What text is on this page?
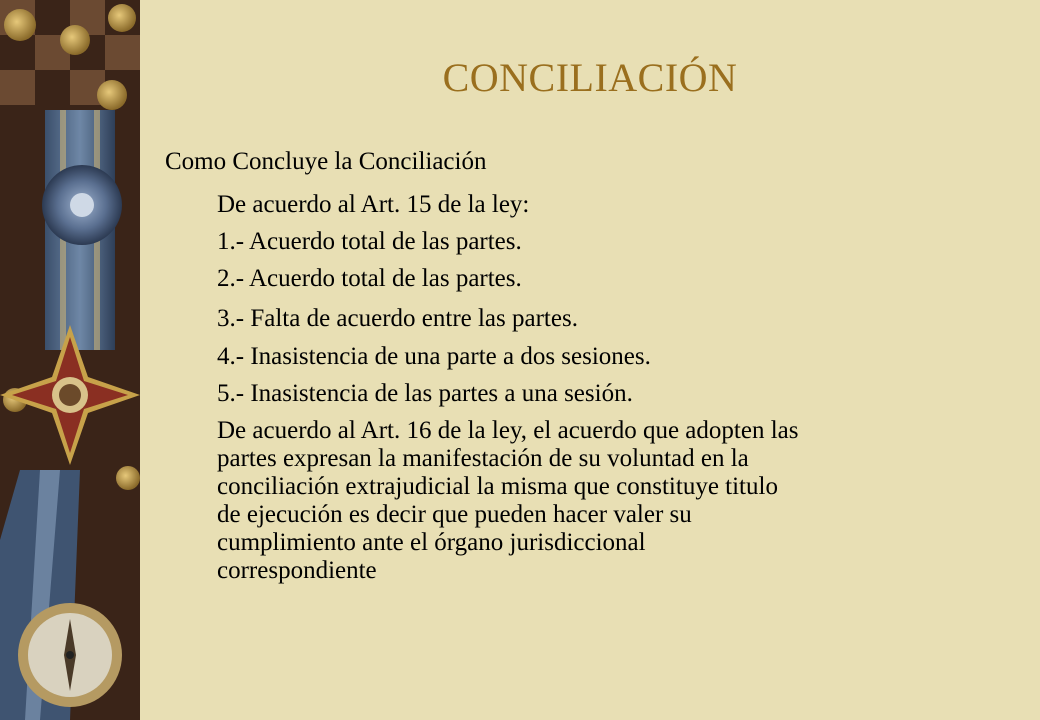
CONCILIACIÓN
Como Concluye la Conciliación
De acuerdo al Art. 15 de la ley:
1.- Acuerdo total de las partes.
2.- Acuerdo total de las partes.
3.- Falta de acuerdo entre las partes.
4.- Inasistencia de una parte a dos sesiones.
5.- Inasistencia de las partes a una sesión.
De acuerdo al Art. 16 de la ley, el acuerdo que adopten las
partes expresan la manifestación de su voluntad en la
conciliación extrajudicial la misma que constituye titulo
de ejecución es decir que pueden hacer valer su
cumplimiento ante el órgano jurisdiccional
correspondiente
